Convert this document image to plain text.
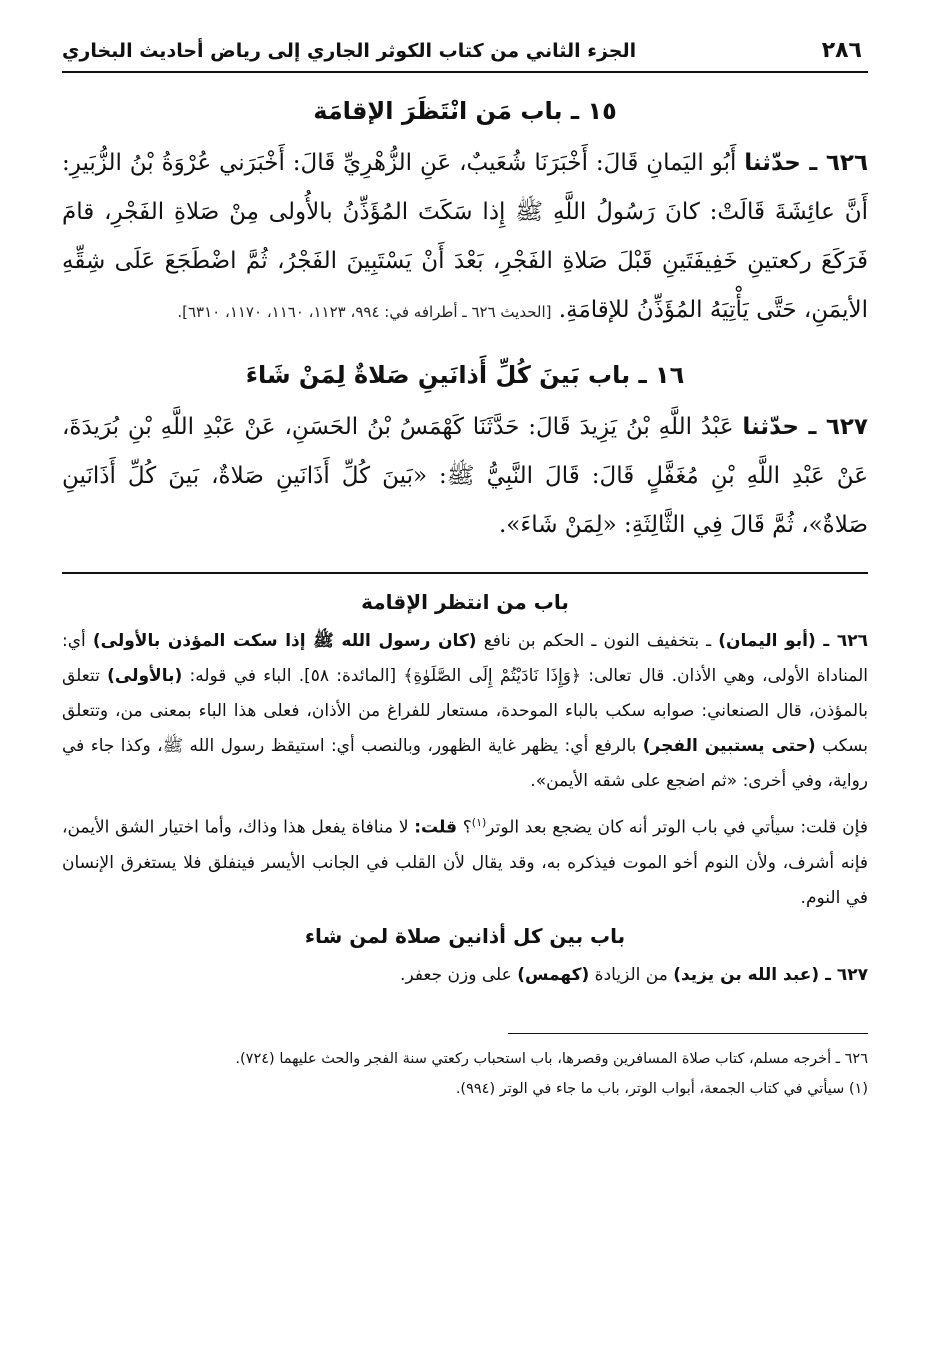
٢٨٦
الجزء الثاني من كتاب الكوثر الجاري إلى رياض أحاديث البخاري
١٥ ـ باب مَن انْتَظَرَ الإقامَة

٦٢٦ ـ حدّثنا أَبُو اليَمانِ قَالَ: أَخْبَرَنَا شُعَيبٌ، عَنِ الزُّهْرِيِّ قَالَ: أَخْبَرَني عُرْوَةُ بْنُ الزُّبَيرِ: أَنَّ عائِشَةَ قَالَتْ: كانَ رَسُولُ اللَّهِ ﷺ إِذا سَكَتَ المُؤَذِّنُ بالأُولى مِنْ صَلاةِ الفَجْرِ، قامَ فَرَكَعَ ركعتينِ خَفِيفَتَينِ قَبْلَ صَلاةِ الفَجْرِ، بَعْدَ أَنْ يَسْتَبِينَ الفَجْرُ، ثُمَّ اضْطَجَعَ عَلَى شِقِّهِ الأيمَنِ، حَتَّى يَأْتِيَهُ المُؤَذِّنُ للإقامَةِ. [الحديث ٦٢٦ ـ أطرافه في: ٩٩٤، ١١٢٣، ١١٦٠، ١١٧٠، ٦٣١٠].

١٦ ـ باب بَينَ كُلِّ أَذانَينِ صَلاةٌ لِمَنْ شَاءَ

٦٢٧ ـ حدّثنا عَبْدُ اللَّهِ بْنُ يَزِيدَ قَالَ: حَدَّثَنَا كَهْمَسُ بْنُ الحَسَنِ، عَنْ عَبْدِ اللَّهِ بْنِ بُرَيدَةَ، عَنْ عَبْدِ اللَّهِ بْنِ مُغَفَّلٍ قَالَ: قَالَ النَّبِيُّ ﷺ: «بَينَ كُلِّ أَذَانَينِ صَلاةٌ، بَينَ كُلِّ أَذَانَينِ صَلاةٌ»، ثُمَّ قَالَ فِي الثَّالِثَةِ: «لِمَنْ شَاءَ».

باب من انتظر الإقامة

٦٢٦ ـ (أبو اليمان) ـ بتخفيف النون ـ الحكم بن نافع (كان رسول الله ﷺ إذا سكت المؤذن بالأولى) أي: المناداة الأولى، وهي الأذان. قال تعالى: ﴿وَإِذَا نَادَيْتُمْ إِلَى الصَّلَوٰةِ﴾ [المائدة: ٥٨]. الباء في قوله: (بالأولى) تتعلق بالمؤذن، قال الصنعاني: صوابه سكب بالباء الموحدة، مستعار للفراغ من الأذان، فعلى هذا الباء بمعنى من، وتتعلق بسكب (حتى يستبين الفجر) بالرفع أي: يظهر غاية الظهور، وبالنصب أي: استيقظ رسول الله ﷺ، وكذا جاء في رواية، وفي أخرى: «ثم اضجع على شقه الأيمن».

فإن قلت: سيأتي في باب الوتر أنه كان يضجع بعد الوتر$^{(١)}$؟ قلت: لا منافاة يفعل هذا وذاك، وأما اختيار الشق الأيمن، فإنه أشرف، ولأن النوم أخو الموت فيذكره به، وقد يقال لأن القلب في الجانب الأيسر فينفلق فلا يستغرق الإنسان في النوم.

باب بين كل أذانين صلاة لمن شاء

٦٢٧ ـ (عبد الله بن يزيد) من الزيادة (كهمس) على وزن جعفر.

٦٢٦ ـ أخرجه مسلم، كتاب صلاة المسافرين وقصرها، باب استحباب ركعتي سنة الفجر والحث عليهما (٧٢٤).

(١) سيأتي في كتاب الجمعة، أبواب الوتر، باب ما جاء في الوتر (٩٩٤).
